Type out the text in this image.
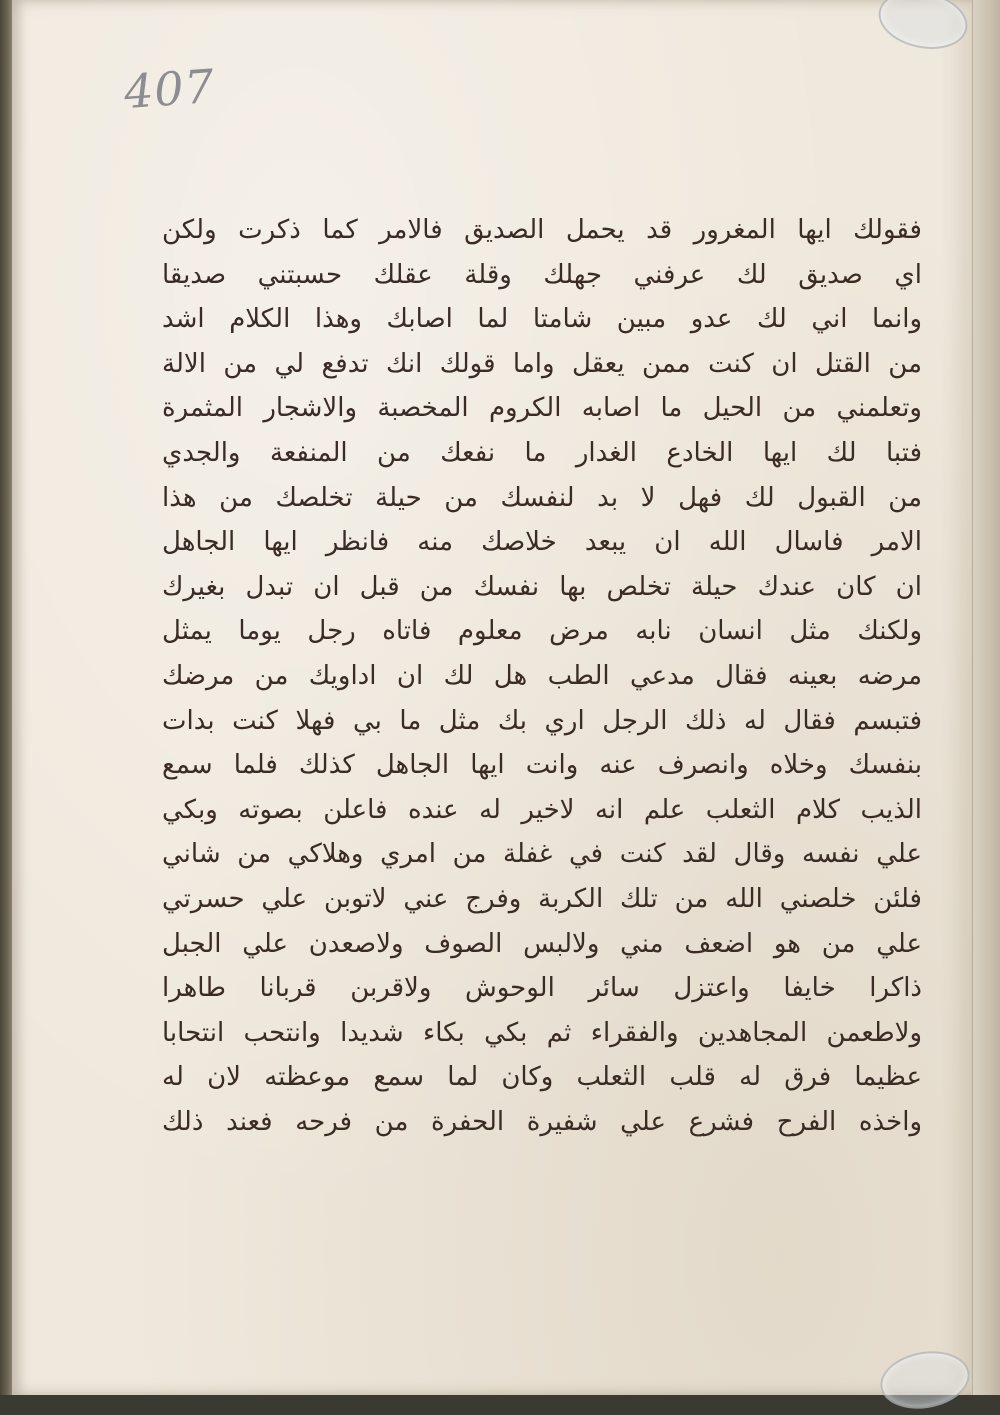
407
فقولك ايها المغرور قد يحمل الصديق فالامر كما ذكرت ولكن
اي صديق لك عرفني جهلك وقلة عقلك حسبتني صديقا
وانما اني لك عدو مبين شامتا لما اصابك وهذا الكلام اشد
من القتل ان كنت ممن يعقل واما قولك انك تدفع لي من الالة
وتعلمني من الحيل ما اصابه الكروم المخصبة والاشجار المثمرة
فتبا لك ايها الخادع الغدار ما نفعك من المنفعة والجدي
من القبول لك فهل لا بد لنفسك من حيلة تخلصك من هذا
الامر فاسال الله ان يبعد خلاصك منه فانظر ايها الجاهل
ان كان عندك حيلة تخلص بها نفسك من قبل ان تبدل بغيرك
ولكنك مثل انسان نابه مرض معلوم فاتاه رجل يوما يمثل
مرضه بعينه فقال مدعي الطب هل لك ان اداويك من مرضك
فتبسم فقال له ذلك الرجل اري بك مثل ما بي فهلا كنت بدات
بنفسك وخلاه وانصرف عنه وانت ايها الجاهل كذلك فلما سمع
الذيب كلام الثعلب علم انه لاخير له عنده فاعلن بصوته وبكي
علي نفسه وقال لقد كنت في غفلة من امري وهلاكي من شاني
فلئن خلصني الله من تلك الكربة وفرج عني لاتوبن علي حسرتي
علي من هو اضعف مني ولالبس الصوف ولاصعدن علي الجبل
ذاكرا خايفا واعتزل سائر الوحوش ولاقربن قربانا طاهرا
ولاطعمن المجاهدين والفقراء ثم بكي بكاء شديدا وانتحب انتحابا
عظيما فرق له قلب الثعلب وكان لما سمع موعظته لان له
واخذه الفرح فشرع علي شفيرة الحفرة من فرحه فعند ذلك
